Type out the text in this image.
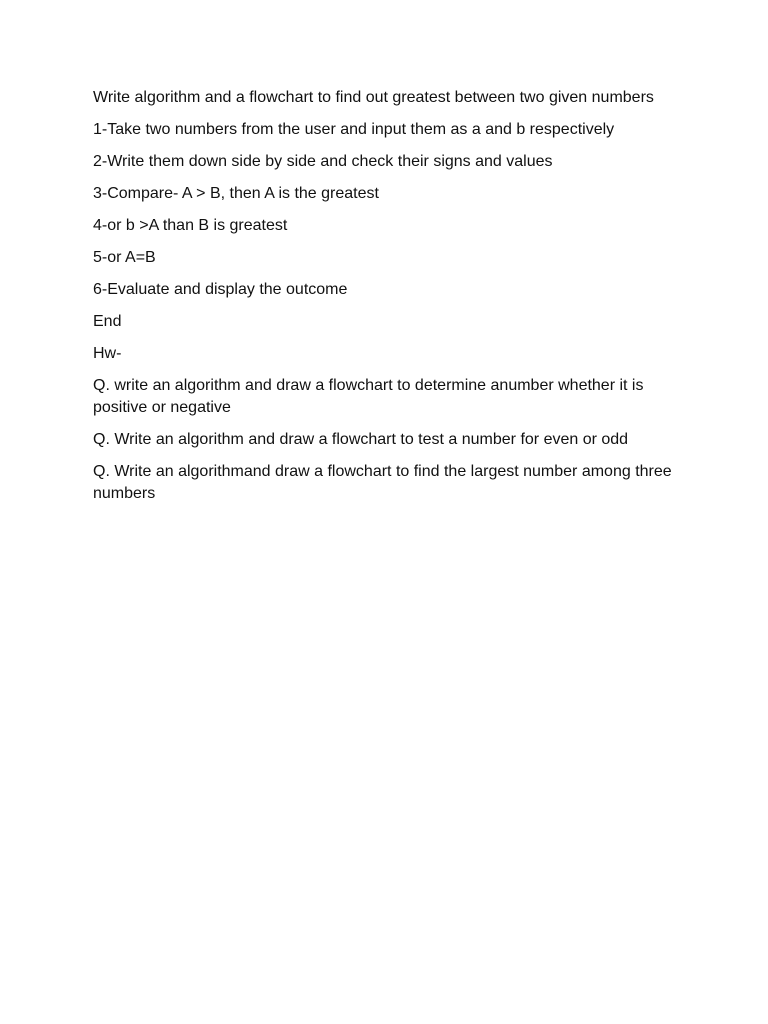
Write algorithm and a flowchart to find out greatest between two given numbers

1-Take two numbers from the user and input them as a and b respectively

2-Write them down side by side and check their signs and values

3-Compare- A > B, then A is the greatest

4-or b >A than B is greatest

5-or A=B

6-Evaluate and display the outcome

End

Hw-

Q. write an algorithm and draw a flowchart to determine anumber whether it is positive or negative

Q. Write an algorithm and draw a flowchart to test a number for even or odd

Q. Write an algorithmand draw a flowchart to find the largest number among three numbers
